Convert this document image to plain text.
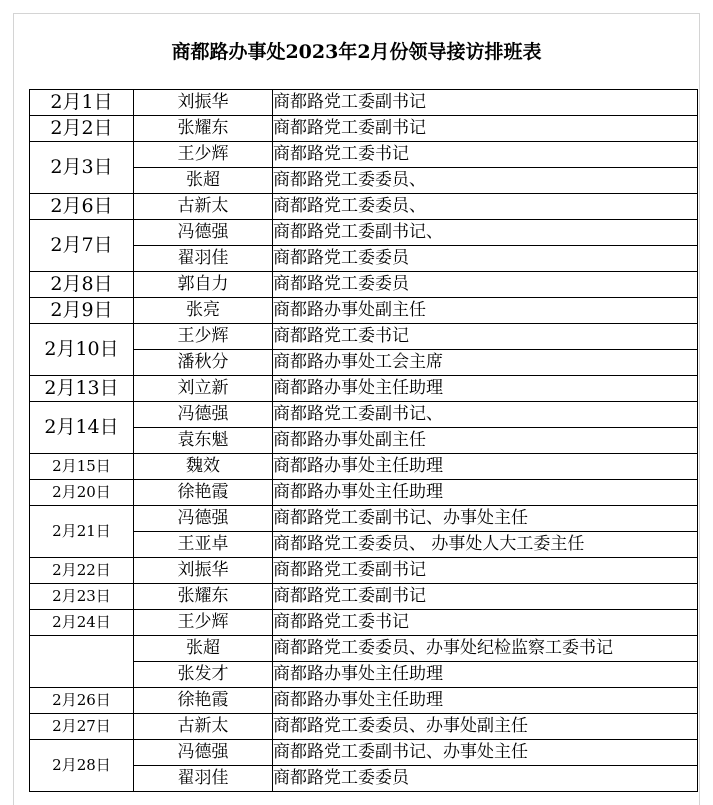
商都路办事处2023年2月份领导接访排班表
2月1日	刘振华	商都路党工委副书记
2月2日	张耀东	商都路党工委副书记
2月3日	王少辉	商都路党工委书记
	张超	商都路党工委委员、
2月6日	古新太	商都路党工委委员、
2月7日	冯德强	商都路党工委副书记、
	翟羽佳	商都路党工委委员
2月8日	郭自力	商都路党工委委员
2月9日	张亮	商都路办事处副主任
2月10日	王少辉	商都路党工委书记
	潘秋分	商都路办事处工会主席
2月13日	刘立新	商都路办事处主任助理
2月14日	冯德强	商都路党工委副书记、
	袁东魁	商都路办事处副主任
2月15日	魏效	商都路办事处主任助理
2月20日	徐艳霞	商都路办事处主任助理
2月21日	冯德强	商都路党工委副书记、办事处主任
	王亚卓	商都路党工委委员、 办事处人大工委主任
2月22日	刘振华	商都路党工委副书记
2月23日	张耀东	商都路党工委副书记
2月24日	王少辉	商都路党工委书记
	张超	商都路党工委委员、办事处纪检监察工委书记
	张发才	商都路办事处主任助理
2月26日	徐艳霞	商都路办事处主任助理
2月27日	古新太	商都路党工委委员、办事处副主任
2月28日	冯德强	商都路党工委副书记、办事处主任
	翟羽佳	商都路党工委委员
